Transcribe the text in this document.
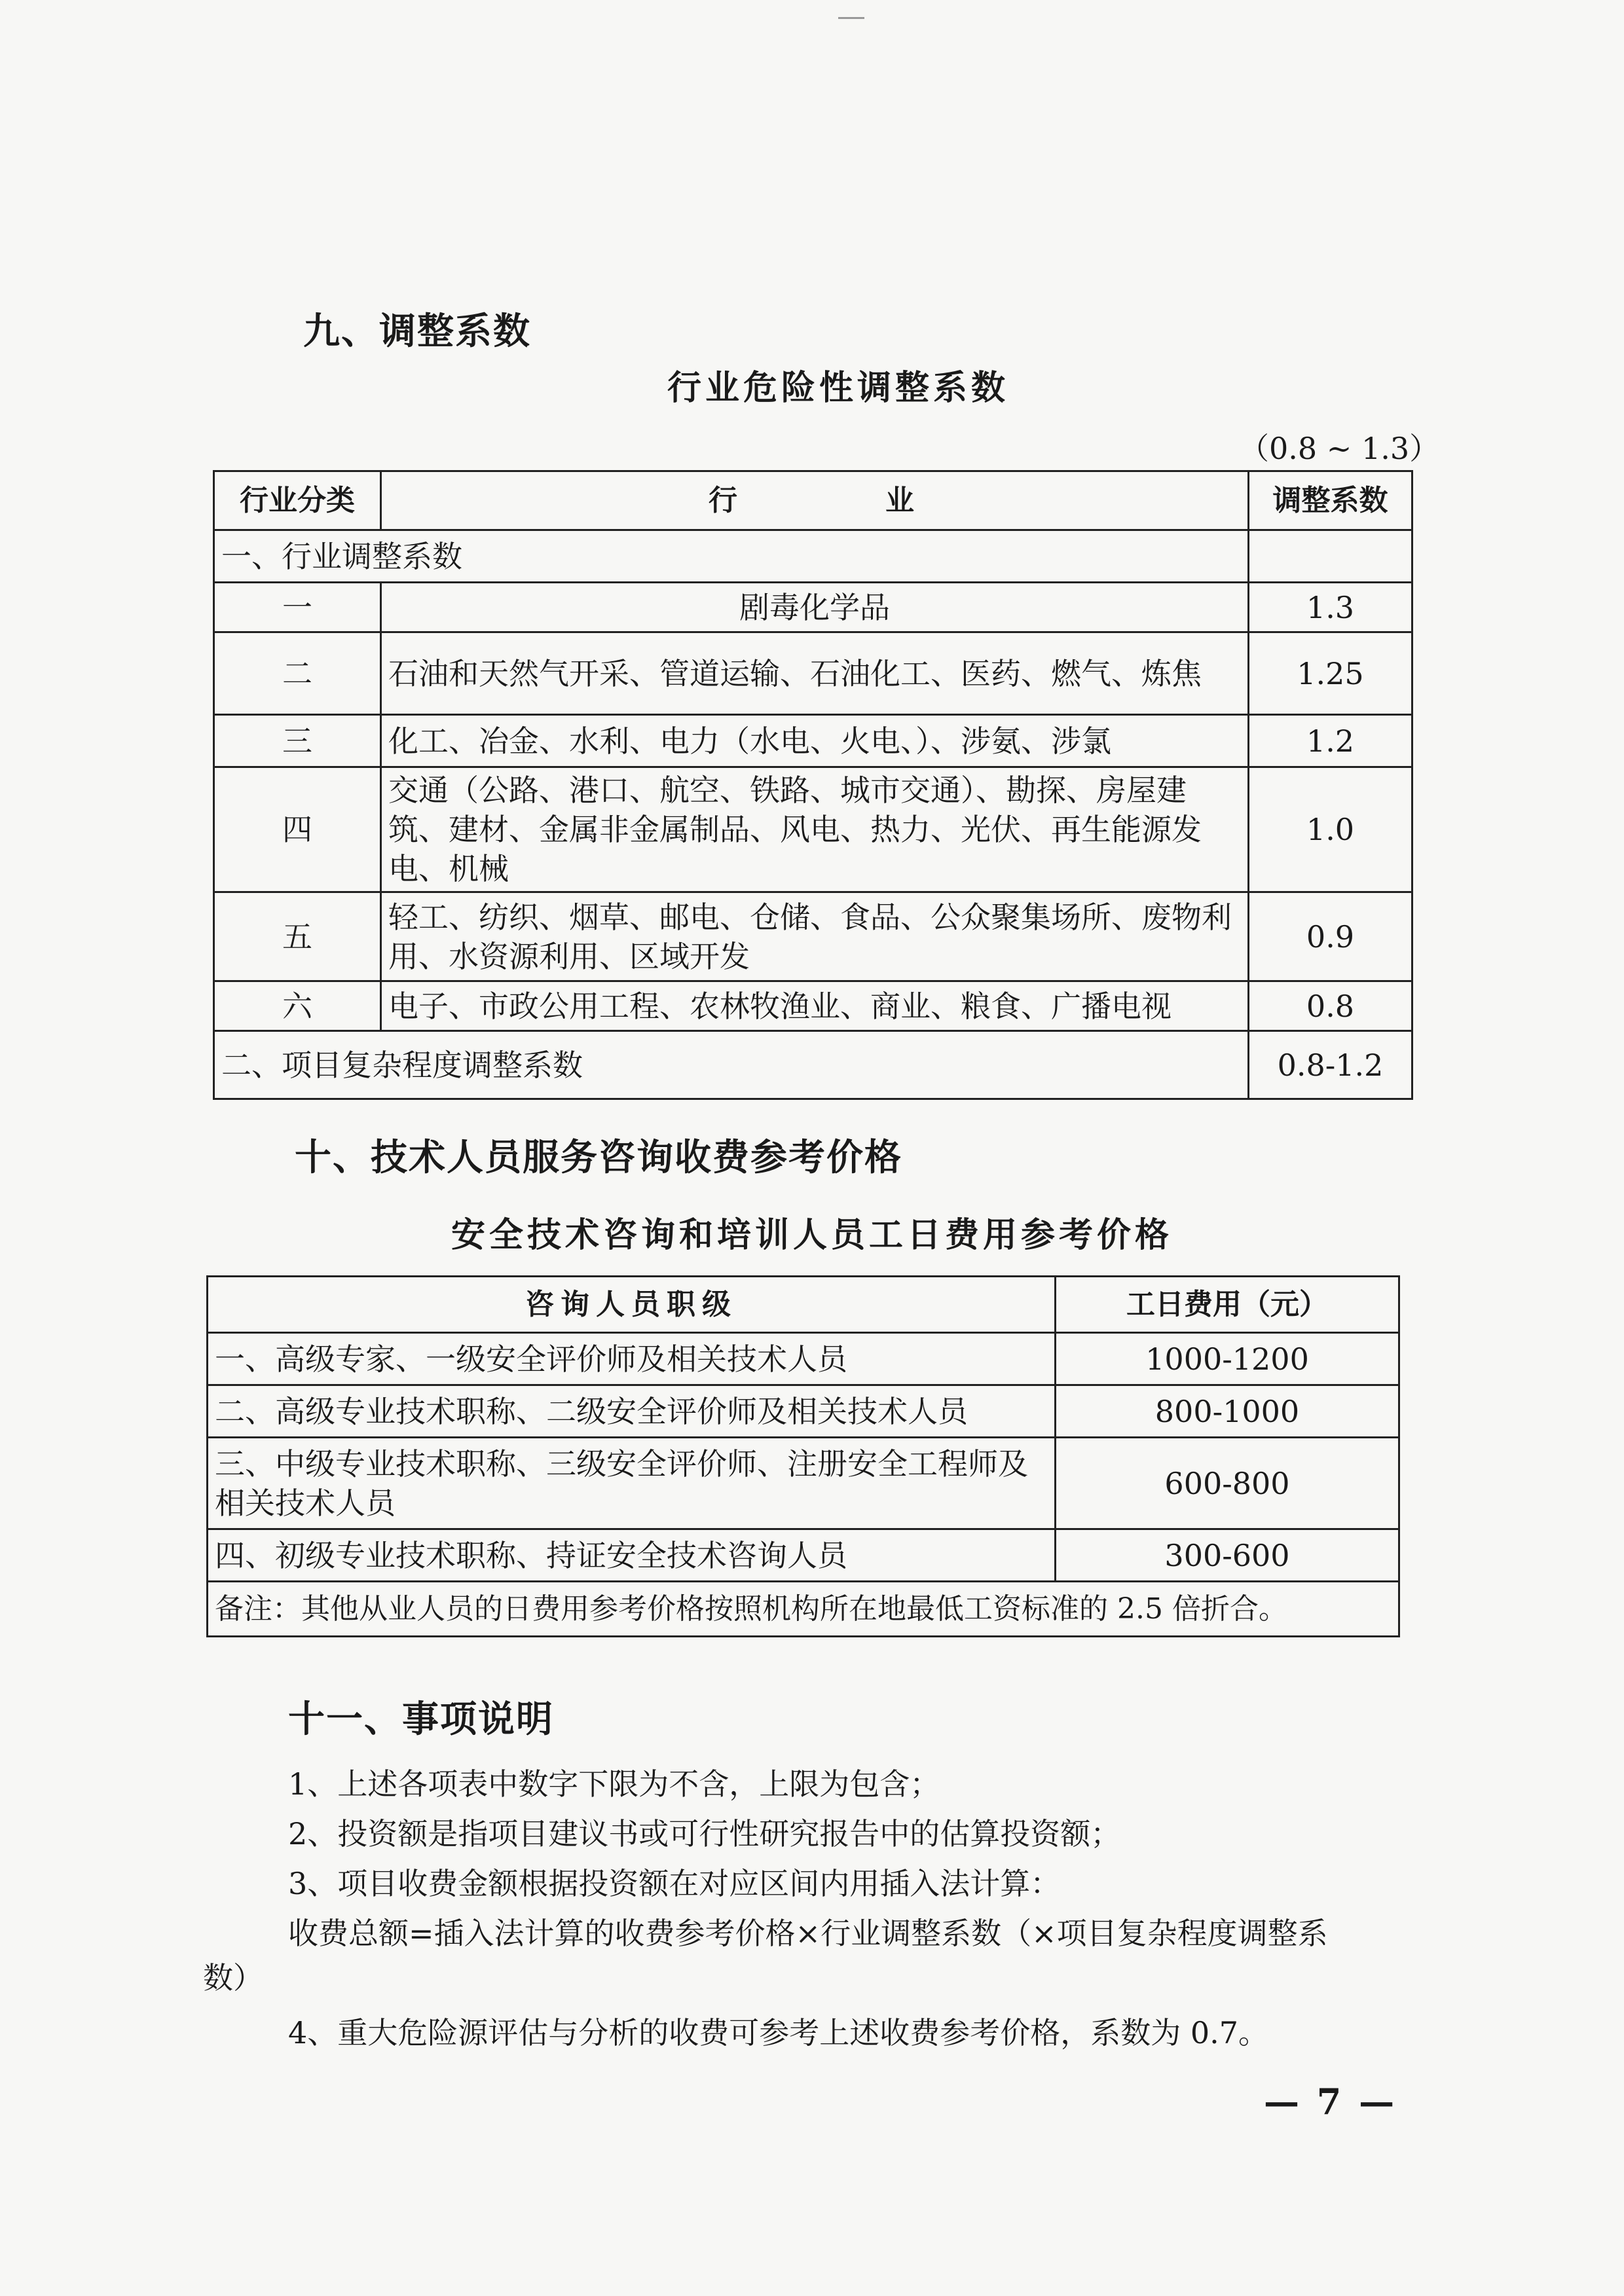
九、调整系数
行业危险性调整系数
（0.8 ~ 1.3）
行业分类	行　　　　业	调整系数
一、行业调整系数		
一	剧毒化学品	1.3
二	石油和天然气开采、管道运输、石油化工、医药、燃气、炼焦	1.25
三	化工、冶金、水利、电力（水电、火电、）、涉氨、涉氯	1.2
四	交通（公路、港口、航空、铁路、城市交通）、勘探、房屋建筑、建材、金属非金属制品、风电、热力、光伏、再生能源发电、机械	1.0
五	轻工、纺织、烟草、邮电、仓储、食品、公众聚集场所、废物利用、水资源利用、区域开发	0.9
六	电子、市政公用工程、农林牧渔业、商业、粮食、广播电视	0.8
二、项目复杂程度调整系数		0.8-1.2
十、技术人员服务咨询收费参考价格
安全技术咨询和培训人员工日费用参考价格
咨询人员职级	工日费用（元）
一、高级专家、一级安全评价师及相关技术人员	1000-1200
二、高级专业技术职称、二级安全评价师及相关技术人员	800-1000
三、中级专业技术职称、三级安全评价师、注册安全工程师及相关技术人员	600-800
四、初级专业技术职称、持证安全技术咨询人员	300-600
备注：其他从业人员的日费用参考价格按照机构所在地最低工资标准的 2.5 倍折合。	
十一、事项说明
1、上述各项表中数字下限为不含，上限为包含；
2、投资额是指项目建议书或可行性研究报告中的估算投资额；
3、项目收费金额根据投资额在对应区间内用插入法计算：
收费总额=插入法计算的收费参考价格×行业调整系数（×项目复杂程度调整系
数）
4、重大危险源评估与分析的收费可参考上述收费参考价格，系数为 0.7。
— 7 —
